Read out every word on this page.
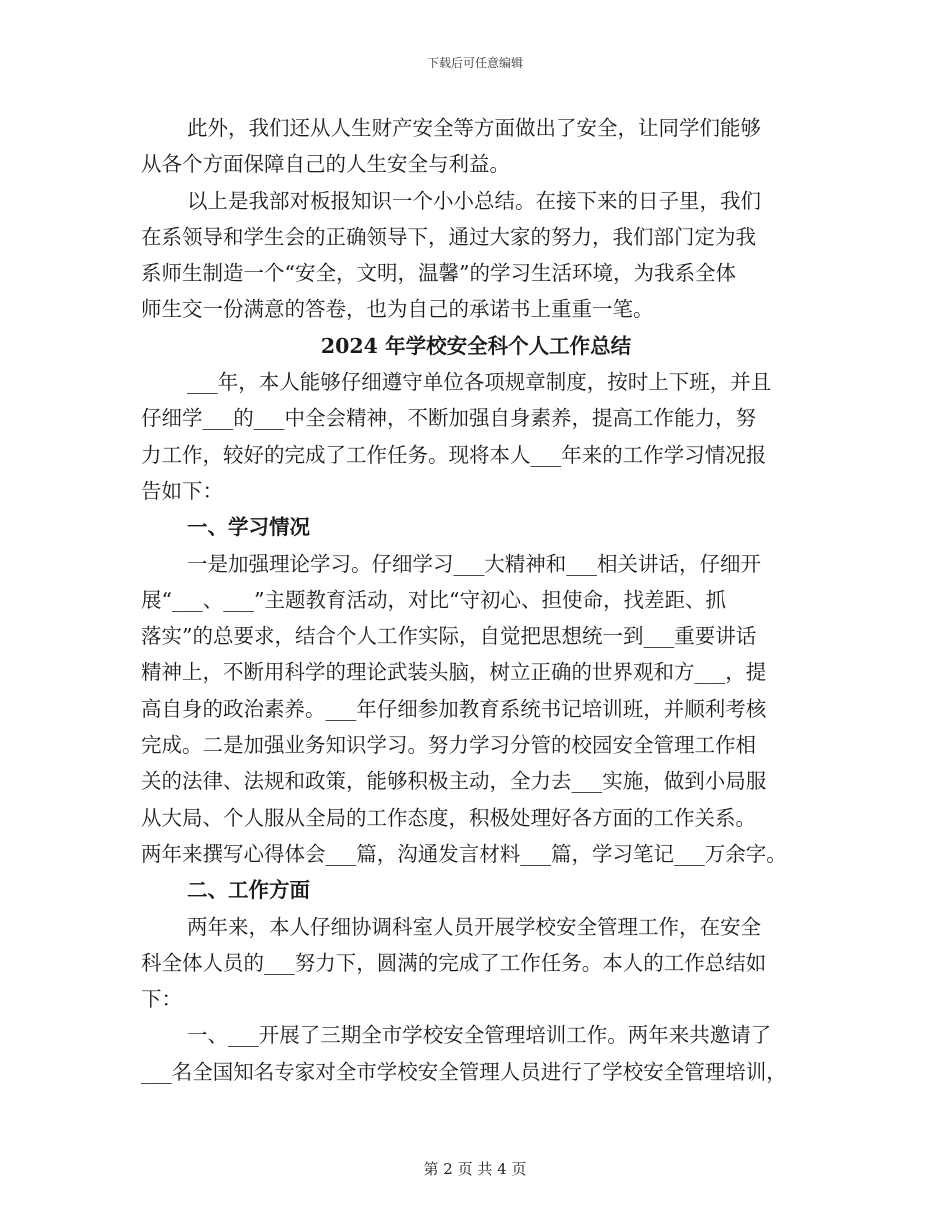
下载后可任意编辑
此外，我们还从人生财产安全等方面做出了安全，让同学们能够
从各个方面保障自己的人生安全与利益。
以上是我部对板报知识一个小小总结。在接下来的日子里，我们
在系领导和学生会的正确领导下，通过大家的努力，我们部门定为我
系师生制造一个“安全，文明，温馨”的学习生活环境，为我系全体
师生交一份满意的答卷，也为自己的承诺书上重重一笔。
2024 年学校安全科个人工作总结
___年，本人能够仔细遵守单位各项规章制度，按时上下班，并且
仔细学___的___中全会精神，不断加强自身素养，提高工作能力，努
力工作，较好的完成了工作任务。现将本人___年来的工作学习情况报
告如下：
一、学习情况
一是加强理论学习。仔细学习___大精神和___相关讲话，仔细开
展“___、___”主题教育活动，对比“守初心、担使命，找差距、抓
落实”的总要求，结合个人工作实际，自觉把思想统一到___重要讲话
精神上，不断用科学的理论武装头脑，树立正确的世界观和方___，提
高自身的政治素养。___年仔细参加教育系统书记培训班，并顺利考核
完成。二是加强业务知识学习。努力学习分管的校园安全管理工作相
关的法律、法规和政策，能够积极主动，全力去___实施，做到小局服
从大局、个人服从全局的工作态度，积极处理好各方面的工作关系。
两年来撰写心得体会___篇，沟通发言材料___篇，学习笔记___万余字。
二、工作方面
两年来，本人仔细协调科室人员开展学校安全管理工作，在安全
科全体人员的___努力下，圆满的完成了工作任务。本人的工作总结如
下：
一、___开展了三期全市学校安全管理培训工作。两年来共邀请了
___名全国知名专家对全市学校安全管理人员进行了学校安全管理培训，
第 2 页 共 4 页
